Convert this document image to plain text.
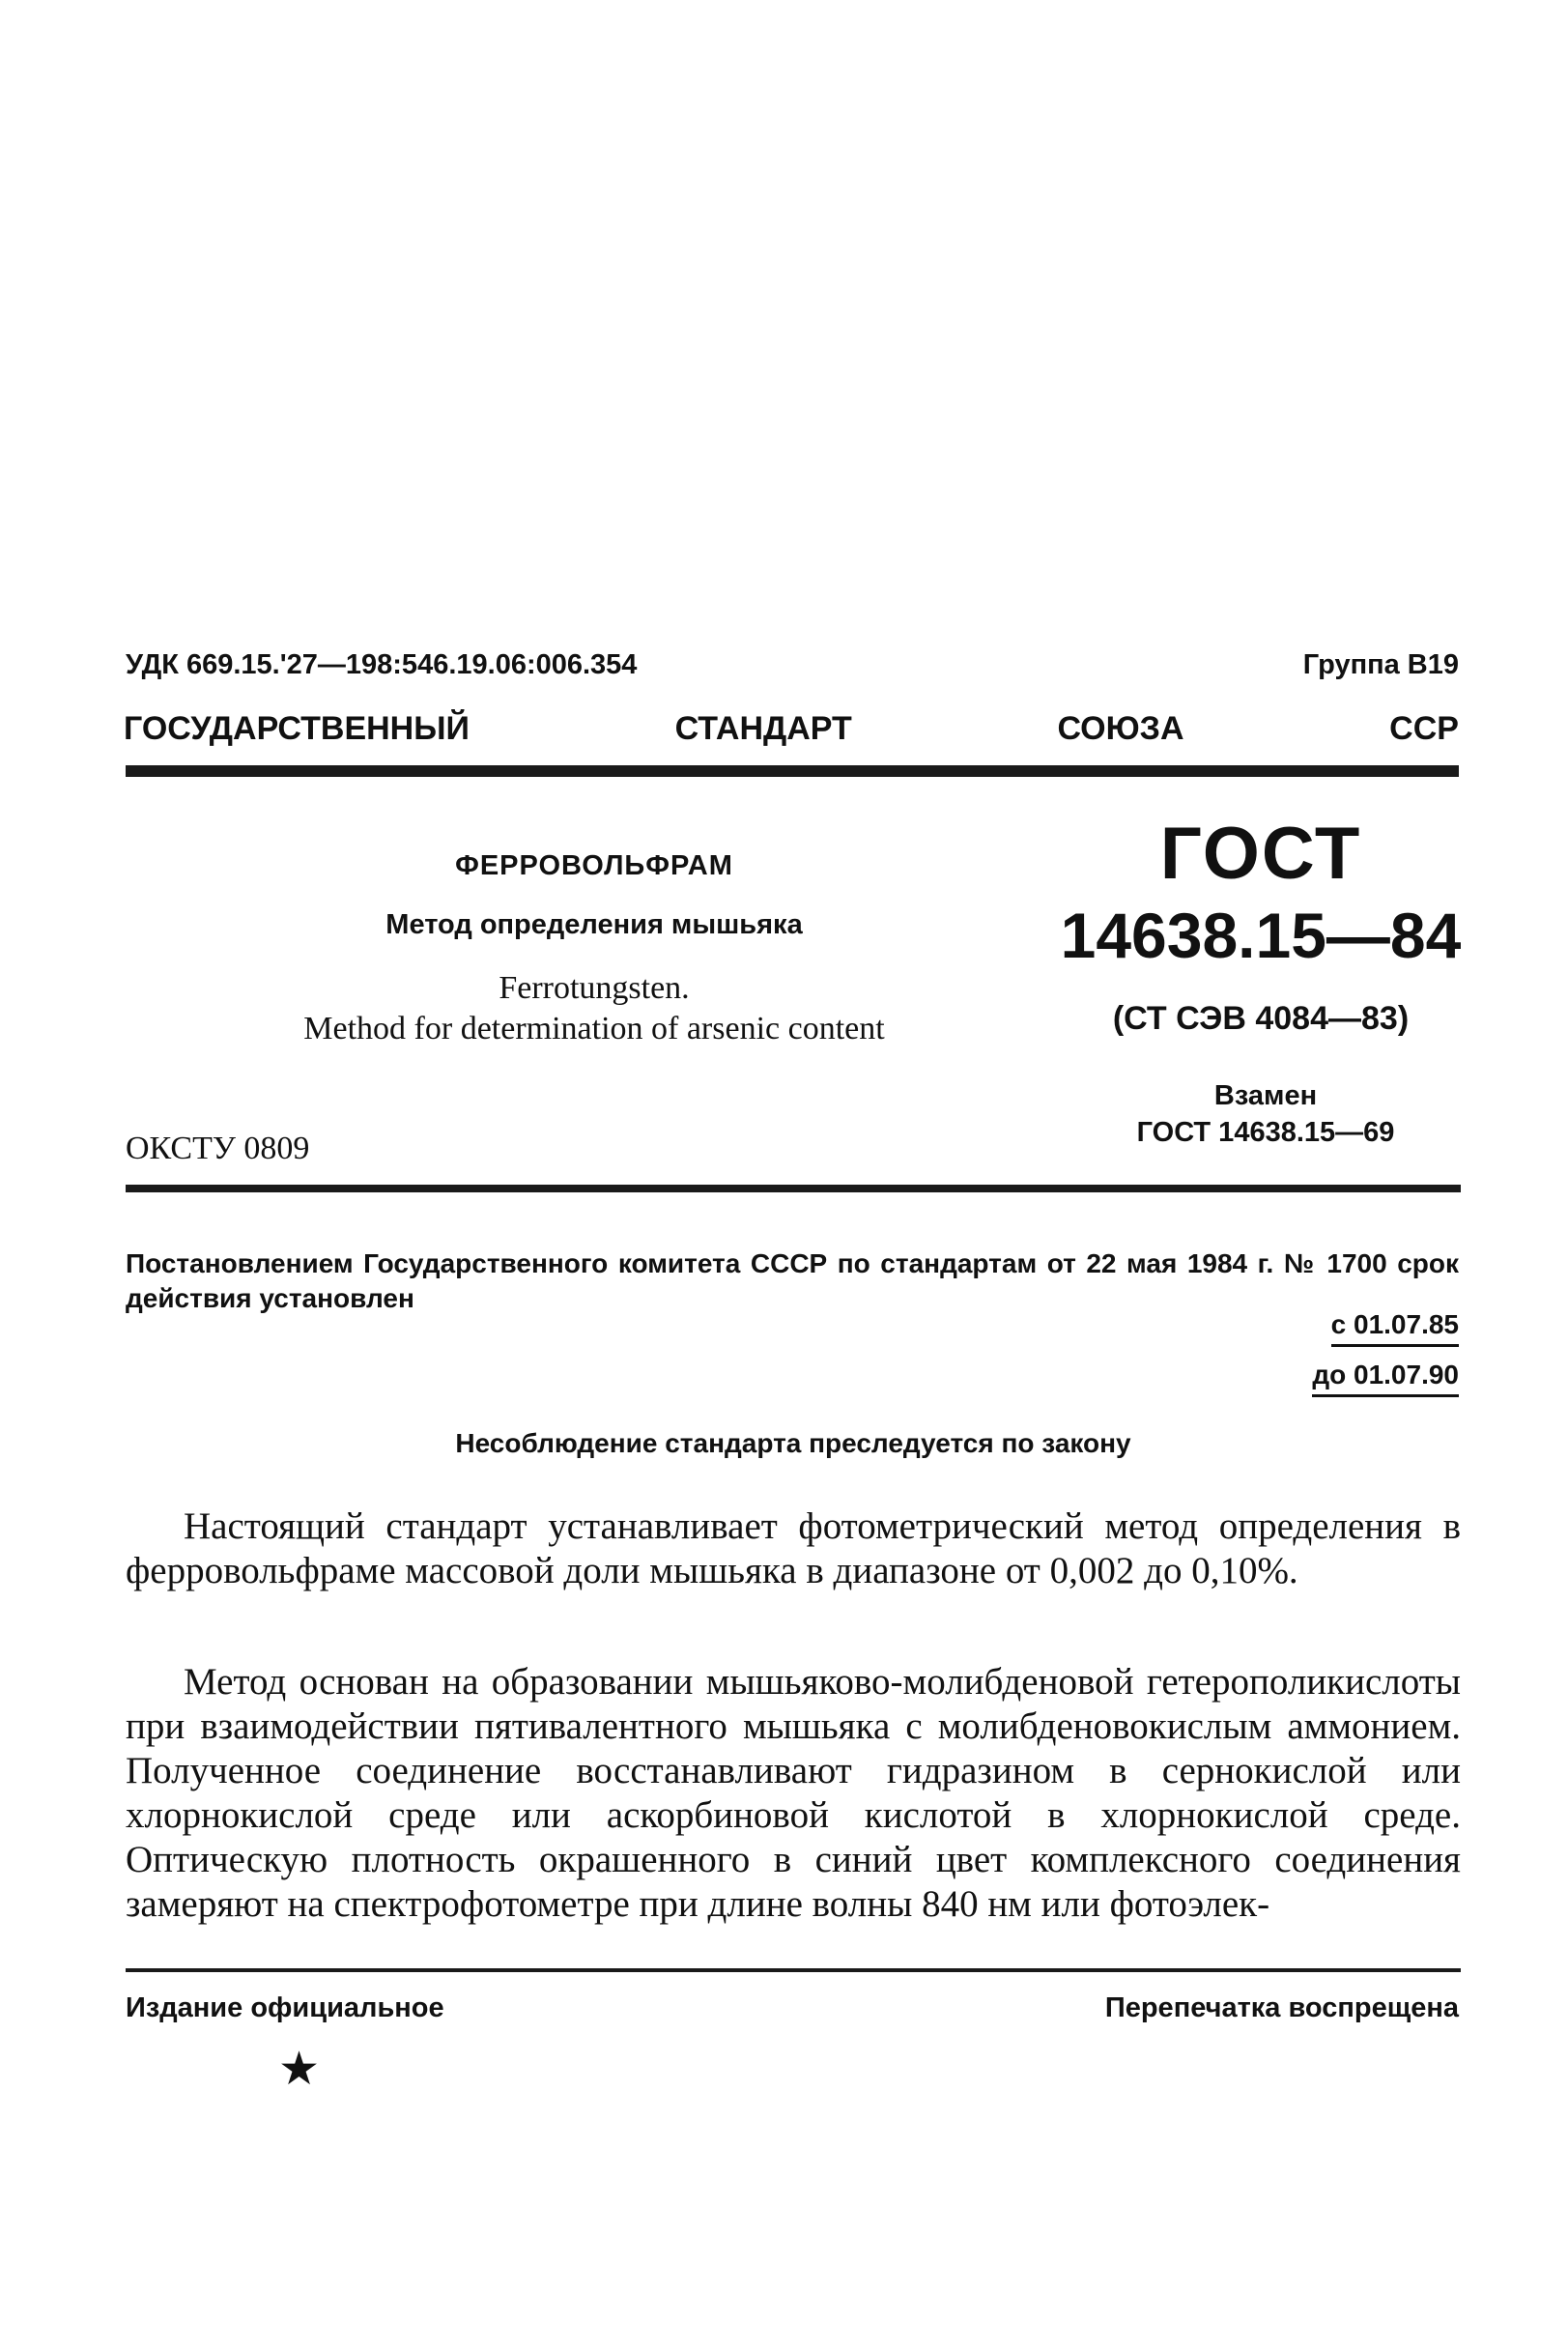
УДК 669.15.'27—198:546.19.06:006.354	Группа В19
ГОСУДАРСТВЕННЫЙ	СТАНДАРТ	СОЮЗА	ССР
ФЕРРОВОЛЬФРАМ
Метод определения мышьяка
Ferrotungsten.
Method for determination of arsenic content
ГОСТ
14638.15—84
(СТ СЭВ 4084—83)
Взамен
ГОСТ 14638.15—69
ОКСТУ 0809
Постановлением Государственного комитета СССР по стандартам от 22 мая 1984 г. № 1700 срок действия установлен
с 01.07.85
до 01.07.90
Несоблюдение стандарта преследуется по закону
Настоящий стандарт устанавливает фотометрический метод определения в ферровольфраме массовой доли мышьяка в диапазоне от 0,002 до 0,10%.
Метод основан на образовании мышьяково-молибденовой гетерополикислоты при взаимодействии пятивалентного мышьяка с молибденовокислым аммонием. Полученное соединение восстанавливают гидразином в сернокислой или хлорнокислой среде или аскорбиновой кислотой в хлорнокислой среде. Оптическую плотность окрашенного в синий цвет комплексного соединения замеряют на спектрофотометре при длине волны 840 нм или фотоэлек-
Издание официальное	Перепечатка воспрещена
★
